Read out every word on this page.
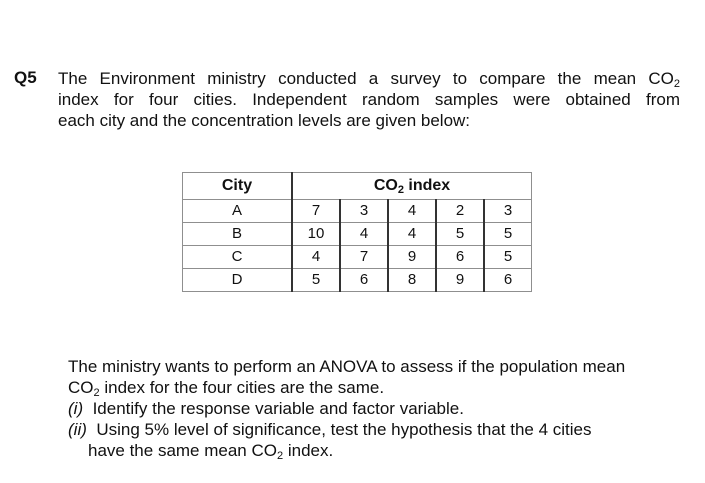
Q5 The Environment ministry conducted a survey to compare the mean $CO_2$
index for four cities. Independent random samples were obtained from
each city and the concentration levels are given below:
City	$CO_2$ index				
A	7	3	4	2	3
B	10	4	4	5	5
C	4	7	9	6	5
D	5	6	8	9	6
The ministry wants to perform an ANOVA to assess if the population mean
$CO_2$ index for the four cities are the same.
(i) Identify the response variable and factor variable.
(ii) Using 5% level of significance, test the hypothesis that the 4 cities
have the same mean $CO_2$ index.
